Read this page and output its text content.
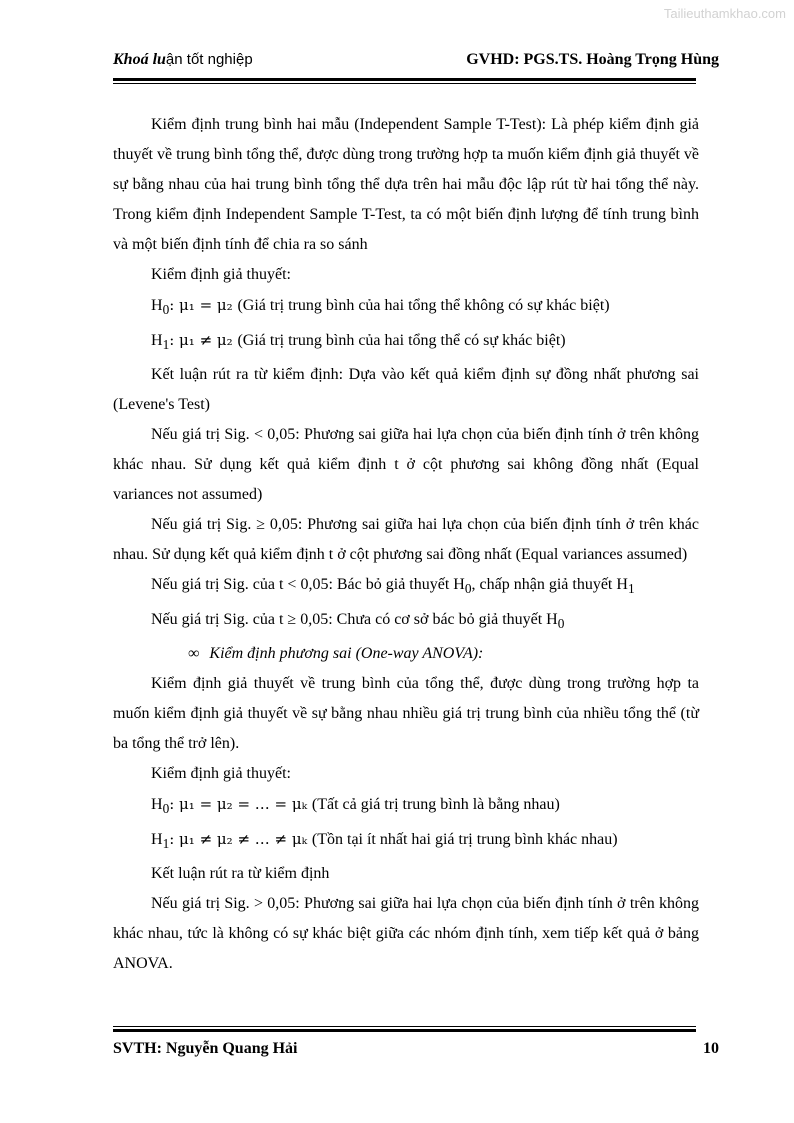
Tailieuthamkhao.com
Khoá luận tốt nghiệp	GVHD: PGS.TS. Hoàng Trọng Hùng

Kiểm định trung bình hai mẫu (Independent Sample T-Test): Là phép kiểm định giả thuyết về trung bình tổng thể, được dùng trong trường hợp ta muốn kiểm định giả thuyết về sự bằng nhau của hai trung bình tổng thể dựa trên hai mẫu độc lập rút từ hai tổng thể này. Trong kiểm định Independent Sample T-Test, ta có một biến định lượng để tính trung bình và một biến định tính để chia ra so sánh

Kiểm định giả thuyết:

$H_0$: μ₁ = μ₂ (Giá trị trung bình của hai tổng thể không có sự khác biệt)

$H_1$: μ₁ ≠ μ₂ (Giá trị trung bình của hai tổng thể có sự khác biệt)

Kết luận rút ra từ kiểm định: Dựa vào kết quả kiểm định sự đồng nhất phương sai (Levene's Test)

Nếu giá trị Sig. < 0,05: Phương sai giữa hai lựa chọn của biến định tính ở trên không khác nhau. Sử dụng kết quả kiểm định t ở cột phương sai không đồng nhất (Equal variances not assumed)

Nếu giá trị Sig. ≥ 0,05: Phương sai giữa hai lựa chọn của biến định tính ở trên khác nhau. Sử dụng kết quả kiểm định t ở cột phương sai đồng nhất (Equal variances assumed)

Nếu giá trị Sig. của t < 0,05: Bác bỏ giả thuyết $H_0$, chấp nhận giả thuyết $H_1$

Nếu giá trị Sig. của t ≥ 0,05: Chưa có cơ sở bác bỏ giả thuyết $H_0$

∞ Kiểm định phương sai (One-way ANOVA):

Kiểm định giả thuyết về trung bình của tổng thể, được dùng trong trường hợp ta muốn kiểm định giả thuyết về sự bằng nhau nhiều giá trị trung bình của nhiều tổng thể (từ ba tổng thể trở lên).

Kiểm định giả thuyết:

$H_0$: μ₁ = μ₂ = … = μₖ (Tất cả giá trị trung bình là bằng nhau)

$H_1$: μ₁ ≠ μ₂ ≠ … ≠ μₖ (Tồn tại ít nhất hai giá trị trung bình khác nhau)

Kết luận rút ra từ kiểm định

Nếu giá trị Sig. > 0,05: Phương sai giữa hai lựa chọn của biến định tính ở trên không khác nhau, tức là không có sự khác biệt giữa các nhóm định tính, xem tiếp kết quả ở bảng ANOVA.

SVTH: Nguyễn Quang Hải	10
